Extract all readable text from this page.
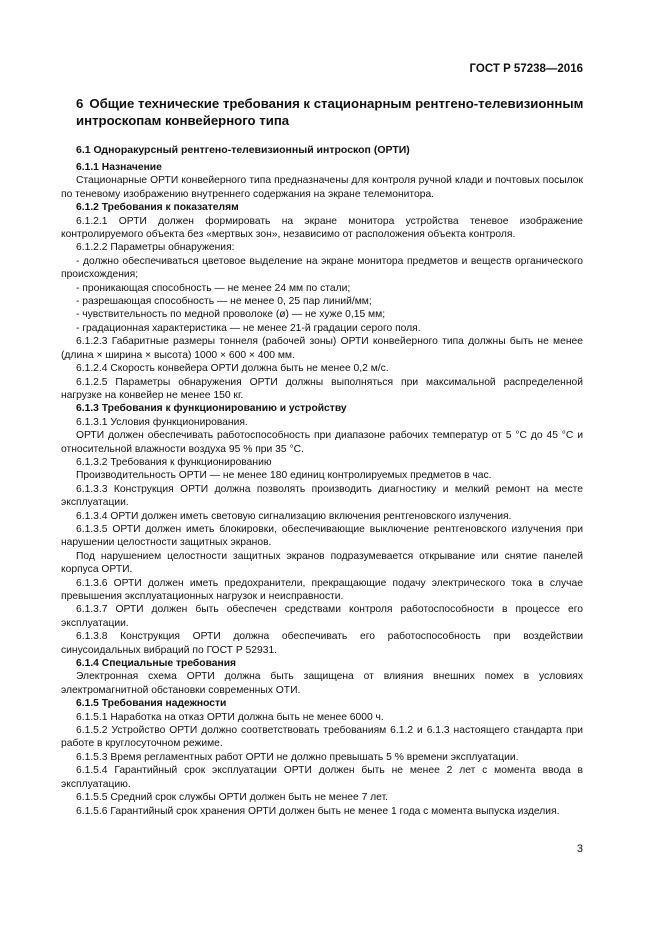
ГОСТ Р 57238—2016
6 Общие технические требования к стационарным рентгено-телевизионным интроскопам конвейерного типа
6.1 Однорaкурсный рентгено-телевизионный интроскоп (ОРТИ)

6.1.1 Назначение

Стационарные ОРТИ конвейерного типа предназначены для контроля ручной клади и почтовых посылок по теневому изображению внутреннего содержания на экране телемонитора.

6.1.2 Требования к показателям

6.1.2.1 ОРТИ должен формировать на экране монитора устройства теневое изображение контролируемого объекта без «мертвых зон», независимо от расположения объекта контроля.

6.1.2.2 Параметры обнаружения:

- должно обеспечиваться цветовое выделение на экране монитора предметов и веществ органического происхождения;

- проникающая способность — не менее 24 мм по стали;

- разрешающая способность — не менее 0, 25 пар линий/мм;

- чувствительность по медной проволоке (ø) — не хуже 0,15 мм;

- градационная характеристика — не менее 21-й градации серого поля.

6.1.2.3 Габаритные размеры тоннеля (рабочей зоны) ОРТИ конвейерного типа должны быть не менее (длина × ширина × высота) 1000 × 600 × 400 мм.

6.1.2.4 Скорость конвейера ОРТИ должна быть не менее 0,2 м/с.

6.1.2.5 Параметры обнаружения ОРТИ должны выполняться при максимальной распределенной нагрузке на конвейер не менее 150 кг.

6.1.3 Требования к функционированию и устройству

6.1.3.1 Условия функционирования.

ОРТИ должен обеспечивать работоспособность при диапазоне рабочих температур от 5 °С до 45 °С и относительной влажности воздуха 95 % при 35 °С.

6.1.3.2 Требования к функционированию

Производительность ОРТИ — не менее 180 единиц контролируемых предметов в час.

6.1.3.3 Конструкция ОРТИ должна позволять производить диагностику и мелкий ремонт на месте эксплуатации.

6.1.3.4 ОРТИ должен иметь световую сигнализацию включения рентгеновского излучения.

6.1.3.5 ОРТИ должен иметь блокировки, обеспечивающие выключение рентгеновского излучения при нарушении целостности защитных экранов.

Под нарушением целостности защитных экранов подразумевается открывание или снятие панелей корпуса ОРТИ.

6.1.3.6 ОРТИ должен иметь предохранители, прекращающие подачу электрического тока в случае превышения эксплуатационных нагрузок и неисправности.

6.1.3.7 ОРТИ должен быть обеспечен средствами контроля работоспособности в процессе его эксплуатации.

6.1.3.8 Конструкция ОРТИ должна обеспечивать его работоспособность при воздействии синусоидальных вибраций по ГОСТ Р 52931.

6.1.4 Специальные требования

Электронная схема ОРТИ должна быть защищена от влияния внешних помех в условиях электромагнитной обстановки современных ОТИ.

6.1.5 Требования надежности

6.1.5.1 Наработка на отказ ОРТИ должна быть не менее 6000 ч.

6.1.5.2 Устройство ОРТИ должно соответствовать требованиям 6.1.2 и 6.1.3 настоящего стандарта при работе в круглосуточном режиме.

6.1.5.3 Время регламентных работ ОРТИ не должно превышать 5 % времени эксплуатации.

6.1.5.4 Гарантийный срок эксплуатации ОРТИ должен быть не менее 2 лет с момента ввода в эксплуатацию.

6.1.5.5 Средний срок службы ОРТИ должен быть не менее 7 лет.

6.1.5.6 Гарантийный срок хранения ОРТИ должен быть не менее 1 года с момента выпуска изделия.

3
